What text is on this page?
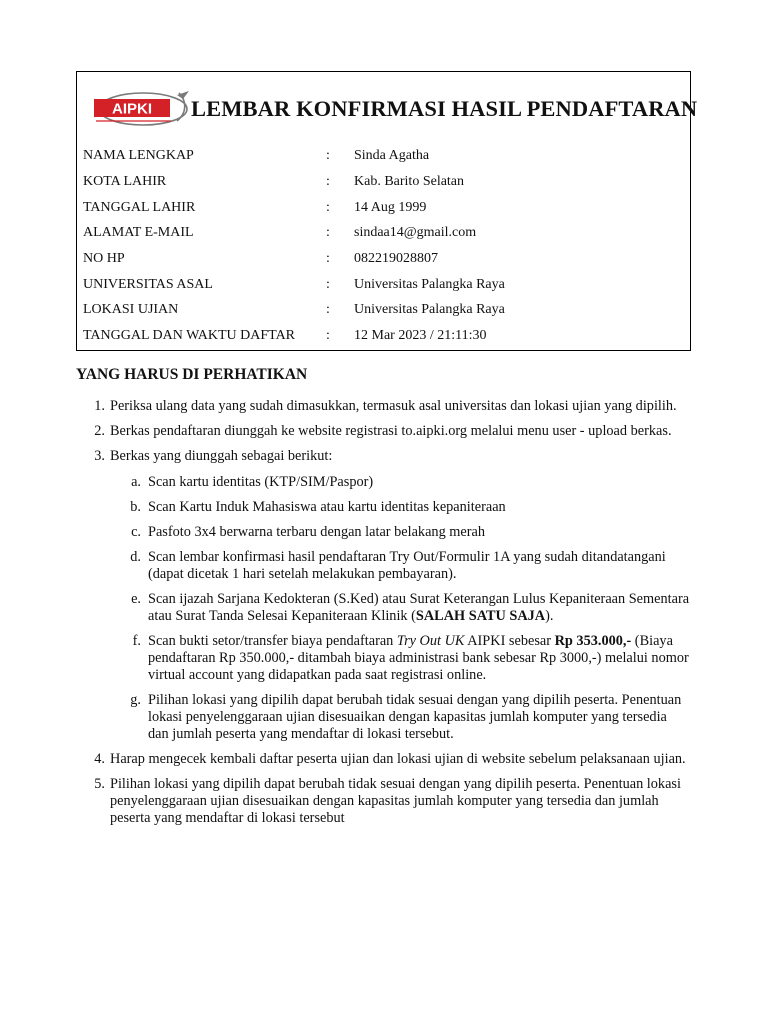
AIPKI LEMBAR KONFIRMASI HASIL PENDAFTARAN
NAMA LENGKAP	: Sinda Agatha
KOTA LAHIR	: Kab. Barito Selatan
TANGGAL LAHIR	: 14 Aug 1999
ALAMAT E-MAIL	: sindaa14@gmail.com
NO HP	: 082219028807
UNIVERSITAS ASAL	: Universitas Palangka Raya
LOKASI UJIAN	: Universitas Palangka Raya
TANGGAL DAN WAKTU DAFTAR : 12 Mar 2023 / 21:11:30
YANG HARUS DI PERHATIKAN
1. Periksa ulang data yang sudah dimasukkan, termasuk asal universitas dan lokasi ujian yang dipilih.
2. Berkas pendaftaran diunggah ke website registrasi to.aipki.org melalui menu user - upload berkas.
3. Berkas yang diunggah sebagai berikut:
a. Scan kartu identitas (KTP/SIM/Paspor)
b. Scan Kartu Induk Mahasiswa atau kartu identitas kepaniteraan
c. Pasfoto 3x4 berwarna terbaru dengan latar belakang merah
d. Scan lembar konfirmasi hasil pendaftaran Try Out/Formulir 1A yang sudah ditandatangani (dapat dicetak 1 hari setelah melakukan pembayaran).
e. Scan ijazah Sarjana Kedokteran (S.Ked) atau Surat Keterangan Lulus Kepaniteraan Sementara atau Surat Tanda Selesai Kepaniteraan Klinik (SALAH SATU SAJA).
f. Scan bukti setor/transfer biaya pendaftaran Try Out UK AIPKI sebesar Rp 353.000,- (Biaya pendaftaran Rp 350.000,- ditambah biaya administrasi bank sebesar Rp 3000,-) melalui nomor virtual account yang didapatkan pada saat registrasi online.
g. Pilihan lokasi yang dipilih dapat berubah tidak sesuai dengan yang dipilih peserta. Penentuan lokasi penyelenggaraan ujian disesuaikan dengan kapasitas jumlah komputer yang tersedia dan jumlah peserta yang mendaftar di lokasi tersebut.
4. Harap mengecek kembali daftar peserta ujian dan lokasi ujian di website sebelum pelaksanaan ujian.
5. Pilihan lokasi yang dipilih dapat berubah tidak sesuai dengan yang dipilih peserta. Penentuan lokasi penyelenggaraan ujian disesuaikan dengan kapasitas jumlah komputer yang tersedia dan jumlah peserta yang mendaftar di lokasi tersebut
